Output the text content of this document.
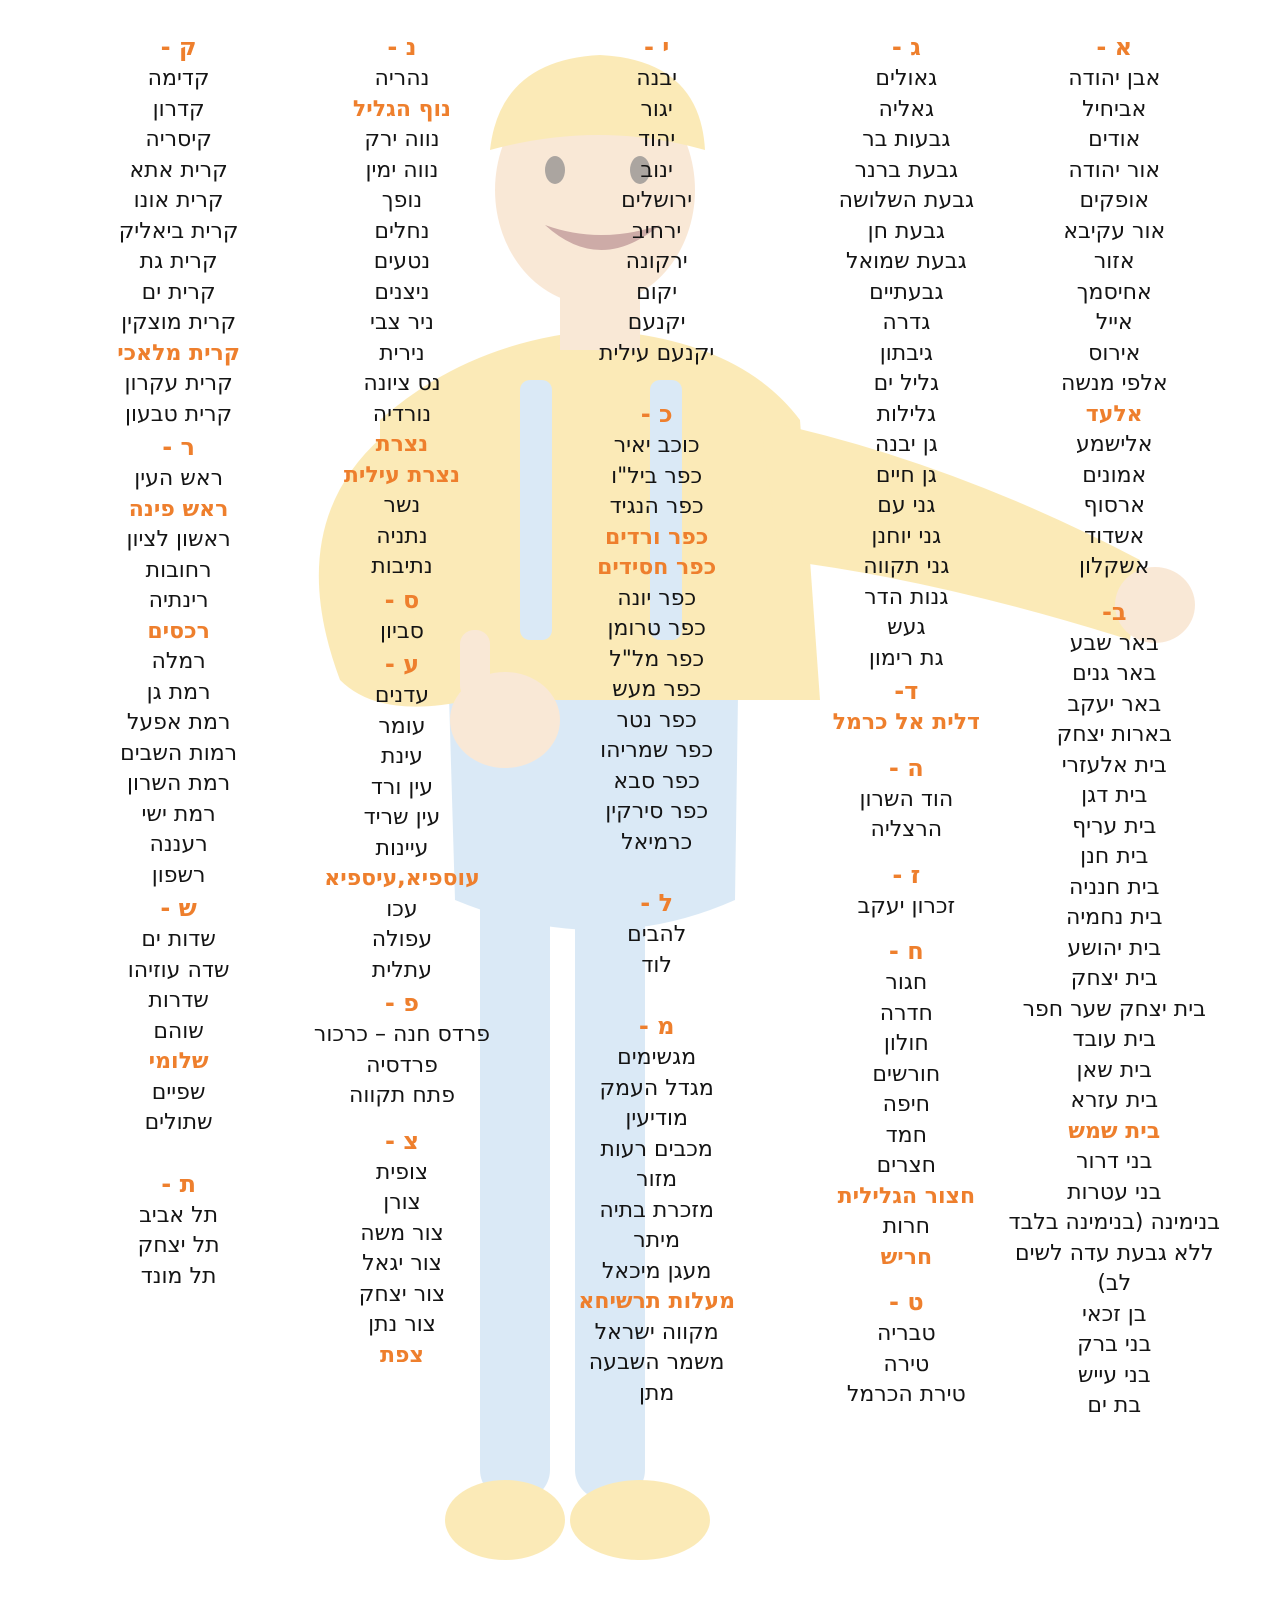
א -
אבן יהודה
אביחיל
אודים
אור יהודה
אופקים
אור עקיבא
אזור
אחיסמך
אייל
אירוס
אלפי מנשה
אלעד
אלישמע
אמונים
ארסוף
אשדוד
אשקלון
ב-
באר שבע
באר גנים
באר יעקב
בארות יצחק
בית אלעזרי
בית דגן
בית עריף
בית חנן
בית חנניה
בית נחמיה
בית יהושע
בית יצחק
בית יצחק שער חפר
בית עובד
בית שאן
בית עזרא
בית שמש
בני דרור
בני עטרות
בנימינה (בנימינה בלבד
ללא גבעת עדה לשים
לב)
בן זכאי
בני ברק
בני עייש
בת ים
ג -
גאולים
גאליה
גבעות בר
גבעת ברנר
גבעת השלושה
גבעת חן
גבעת שמואל
גבעתיים
גדרה
גיבתון
גליל ים
גלילות
גן יבנה
גן חיים
גני עם
גני יוחנן
גני תקווה
גנות הדר
געש
גת רימון
ד-
דלית אל כרמל
ה -
הוד השרון
הרצליה
ז -
זכרון יעקב
ח -
חגור
חדרה
חולון
חורשים
חיפה
חמד
חצרים
חצור הגלילית
חרות
חריש
ט -
טבריה
טירה
טירת הכרמל
י -
יבנה
יגור
יהוד
ינוב
ירושלים
ירחיב
ירקונה
יקום
יקנעם
יקנעם עילית
כ -
כוכב יאיר
כפר ביל"ו
כפר הנגיד
כפר ורדים
כפר חסידים
כפר יונה
כפר טרומן
כפר מל"ל
כפר מעש
כפר נטר
כפר שמריהו
כפר סבא
כפר סירקין
כרמיאל
ל -
להבים
לוד
מ -
מגשימים
מגדל העמק
מודיעין
מכבים רעות
מזור
מזכרת בתיה
מיתר
מעגן מיכאל
מעלות תרשיחא
מקווה ישראל
משמר השבעה
מתן
נ -
נהריה
נוף הגליל
נווה ירק
נווה ימין
נופך
נחלים
נטעים
ניצנים
ניר צבי
נירית
נס ציונה
נורדיה
נצרת
נצרת עילית
נשר
נתניה
נתיבות
ס -
סביון
ע -
עדנים
עומר
עינת
עין ורד
עין שריד
עיינות
עוספיא,עיספיא
עכו
עפולה
עתלית
פ -
פרדס חנה – כרכור
פרדסיה
פתח תקווה
צ -
צופית
צורן
צור משה
צור יגאל
צור יצחק
צור נתן
צפת
ק -
קדימה
קדרון
קיסריה
קרית אתא
קרית אונו
קרית ביאליק
קרית גת
קרית ים
קרית מוצקין
קרית מלאכי
קרית עקרון
קרית טבעון
ר -
ראש העין
ראש פינה
ראשון לציון
רחובות
רינתיה
רכסים
רמלה
רמת גן
רמת אפעל
רמות השבים
רמת השרון
רמת ישי
רעננה
רשפון
ש -
שדות ים
שדה עוזיהו
שדרות
שוהם
שלומי
שפיים
שתולים
ת -
תל אביב
תל יצחק
תל מונד
